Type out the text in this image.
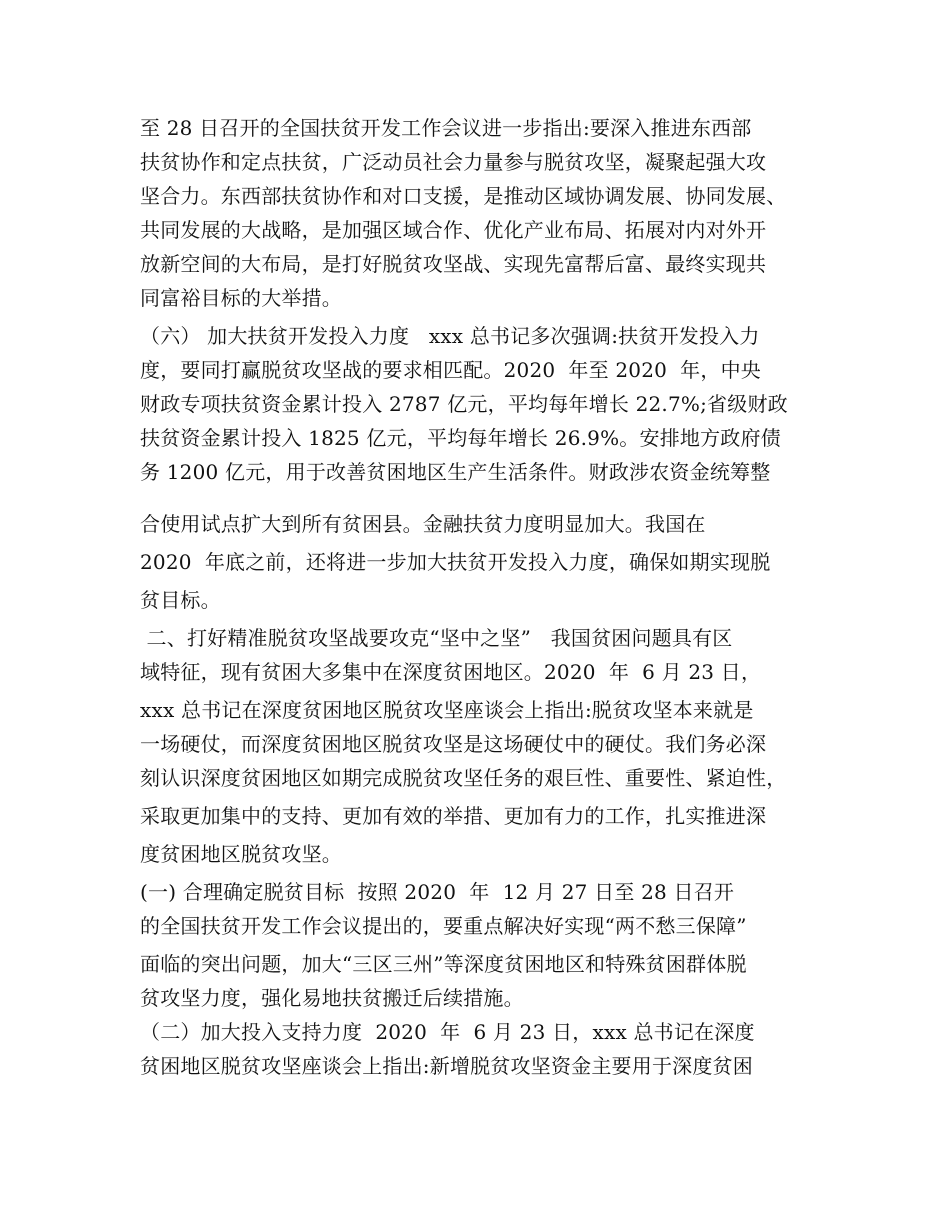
至 28 日召开的全国扶贫开发工作会议进一步指出:要深入推进东西部
扶贫协作和定点扶贫，广泛动员社会力量参与脱贫攻坚，凝聚起强大攻
坚合力。东西部扶贫协作和对口支援，是推动区域协调发展、协同发展、
共同发展的大战略，是加强区域合作、优化产业布局、拓展对内对外开
放新空间的大布局，是打好脱贫攻坚战、实现先富帮后富、最终实现共
同富裕目标的大举措。
（六） 加大扶贫开发投入力度   xxx 总书记多次强调:扶贫开发投入力
度，要同打赢脱贫攻坚战的要求相匹配。2020  年至 2020  年，中央
财政专项扶贫资金累计投入 2787 亿元，平均每年增长 22.7%;省级财政
扶贫资金累计投入 1825 亿元，平均每年增长 26.9%。安排地方政府债
务 1200 亿元，用于改善贫困地区生产生活条件。财政涉农资金统筹整
合使用试点扩大到所有贫困县。金融扶贫力度明显加大。我国在
2020  年底之前，还将进一步加大扶贫开发投入力度，确保如期实现脱
贫目标。
二、打好精准脱贫攻坚战要攻克“坚中之坚”   我国贫困问题具有区
域特征，现有贫困大多集中在深度贫困地区。2020  年  6 月 23 日，
xxx 总书记在深度贫困地区脱贫攻坚座谈会上指出:脱贫攻坚本来就是
一场硬仗，而深度贫困地区脱贫攻坚是这场硬仗中的硬仗。我们务必深
刻认识深度贫困地区如期完成脱贫攻坚任务的艰巨性、重要性、紧迫性，
采取更加集中的支持、更加有效的举措、更加有力的工作，扎实推进深
度贫困地区脱贫攻坚。
(一) 合理确定脱贫目标  按照 2020  年  12 月 27 日至 28 日召开
的全国扶贫开发工作会议提出的，要重点解决好实现“两不愁三保障”
面临的突出问题，加大“三区三州”等深度贫困地区和特殊贫困群体脱
贫攻坚力度，强化易地扶贫搬迁后续措施。
（二）加大投入支持力度  2020  年  6 月 23 日，xxx 总书记在深度
贫困地区脱贫攻坚座谈会上指出:新增脱贫攻坚资金主要用于深度贫困
